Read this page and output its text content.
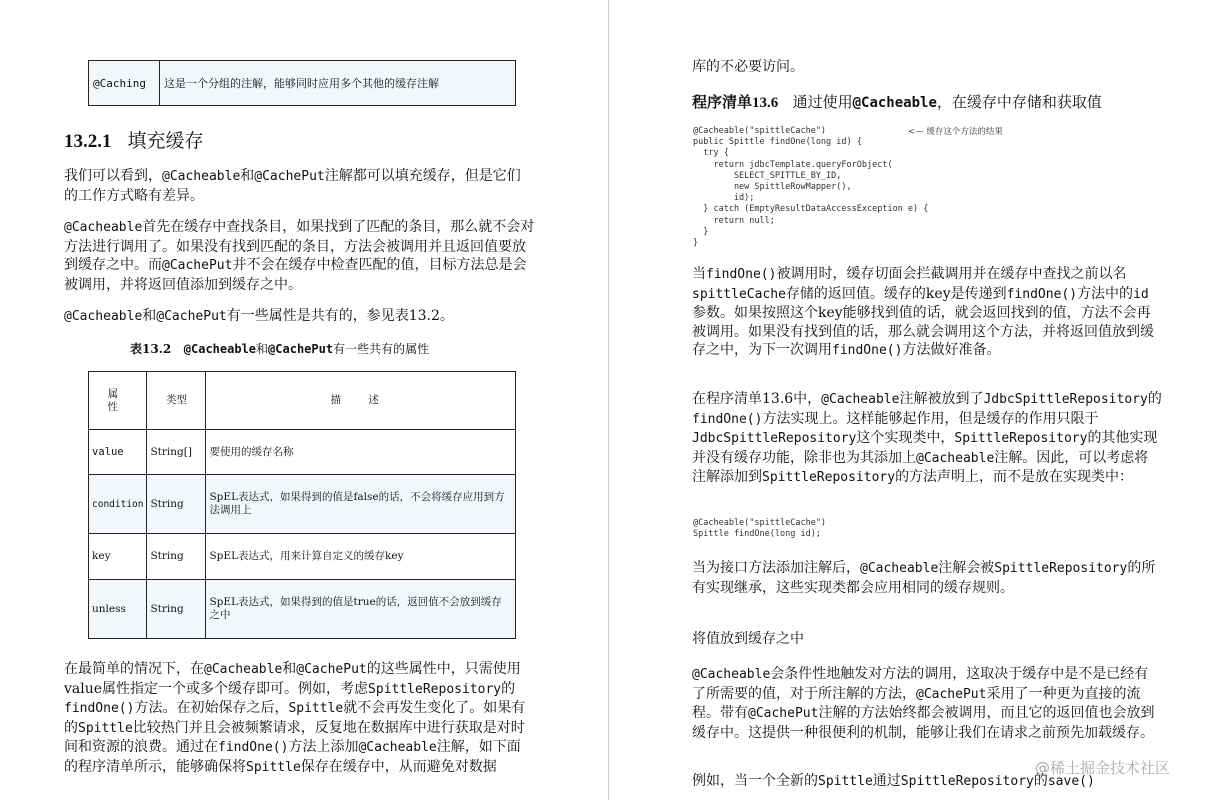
@Caching	这是一个分组的注解，能够同时应用多个其他的缓存注解
13.2.1 填充缓存

我们可以看到，@Cacheable和@CachePut注解都可以填充缓存，但是它们的工作方式略有差异。

@Cacheable首先在缓存中查找条目，如果找到了匹配的条目，那么就不会对方法进行调用了。如果没有找到匹配的条目，方法会被调用并且返回值要放到缓存之中。而@CachePut并不会在缓存中检查匹配的值，目标方法总是会被调用，并将返回值添加到缓存之中。

@Cacheable和@CachePut有一些属性是共有的，参见表13.2。

表13.2 @Cacheable和@CachePut有一些共有的属性
属 性	类型	描 述
value	String[]	要使用的缓存名称
condition	String	SpEL表达式，如果得到的值是false的话，不会将缓存应用到方法调用上
key	String	SpEL表达式，用来计算自定义的缓存key
unless	String	SpEL表达式，如果得到的值是true的话，返回值不会放到缓存之中

在最简单的情况下，在@Cacheable和@CachePut的这些属性中，只需使用value属性指定一个或多个缓存即可。例如，考虑SpittleRepository的findOne()方法。在初始保存之后，Spittle就不会再发生变化了。如果有的Spittle比较热门并且会被频繁请求，反复地在数据库中进行获取是对时间和资源的浪费。通过在findOne()方法上添加@Cacheable注解，如下面的程序清单所示，能够确保将Spittle保存在缓存中，从而避免对数据

库的不必要访问。

程序清单13.6 通过使用@Cacheable，在缓存中存储和获取值
@Cacheable("spittleCache")
public Spittle findOne(long id) {
try {
return jdbcTemplate.queryForObject(
SELECT_SPITTLE_BY_ID,
new SpittleRowMapper(),
id);
} catch (EmptyResultDataAccessException e) {
return null;
}
}
<— 缓存这个方法的结果

当findOne()被调用时，缓存切面会拦截调用并在缓存中查找之前以名spittleCache存储的返回值。缓存的key是传递到findOne()方法中的id参数。如果按照这个key能够找到值的话，就会返回找到的值，方法不会再被调用。如果没有找到值的话，那么就会调用这个方法，并将返回值放到缓存之中，为下一次调用findOne()方法做好准备。

在程序清单13.6中，@Cacheable注解被放到了JdbcSpittleRepository的findOne()方法实现上。这样能够起作用，但是缓存的作用只限于JdbcSpittleRepository这个实现类中，SpittleRepository的其他实现并没有缓存功能，除非也为其添加上@Cacheable注解。因此，可以考虑将注解添加到SpittleRepository的方法声明上，而不是放在实现类中：

@Cacheable("spittleCache")
Spittle findOne(long id);

当为接口方法添加注解后，@Cacheable注解会被SpittleRepository的所有实现继承，这些实现类都会应用相同的缓存规则。

将值放到缓存之中

@Cacheable会条件性地触发对方法的调用，这取决于缓存中是不是已经有了所需要的值，对于所注解的方法，@CachePut采用了一种更为直接的流程。带有@CachePut注解的方法始终都会被调用，而且它的返回值也会放到缓存中。这提供一种很便利的机制，能够让我们在请求之前预先加载缓存。

例如，当一个全新的Spittle通过SpittleRepository的save()

@稀土掘金技术社区
